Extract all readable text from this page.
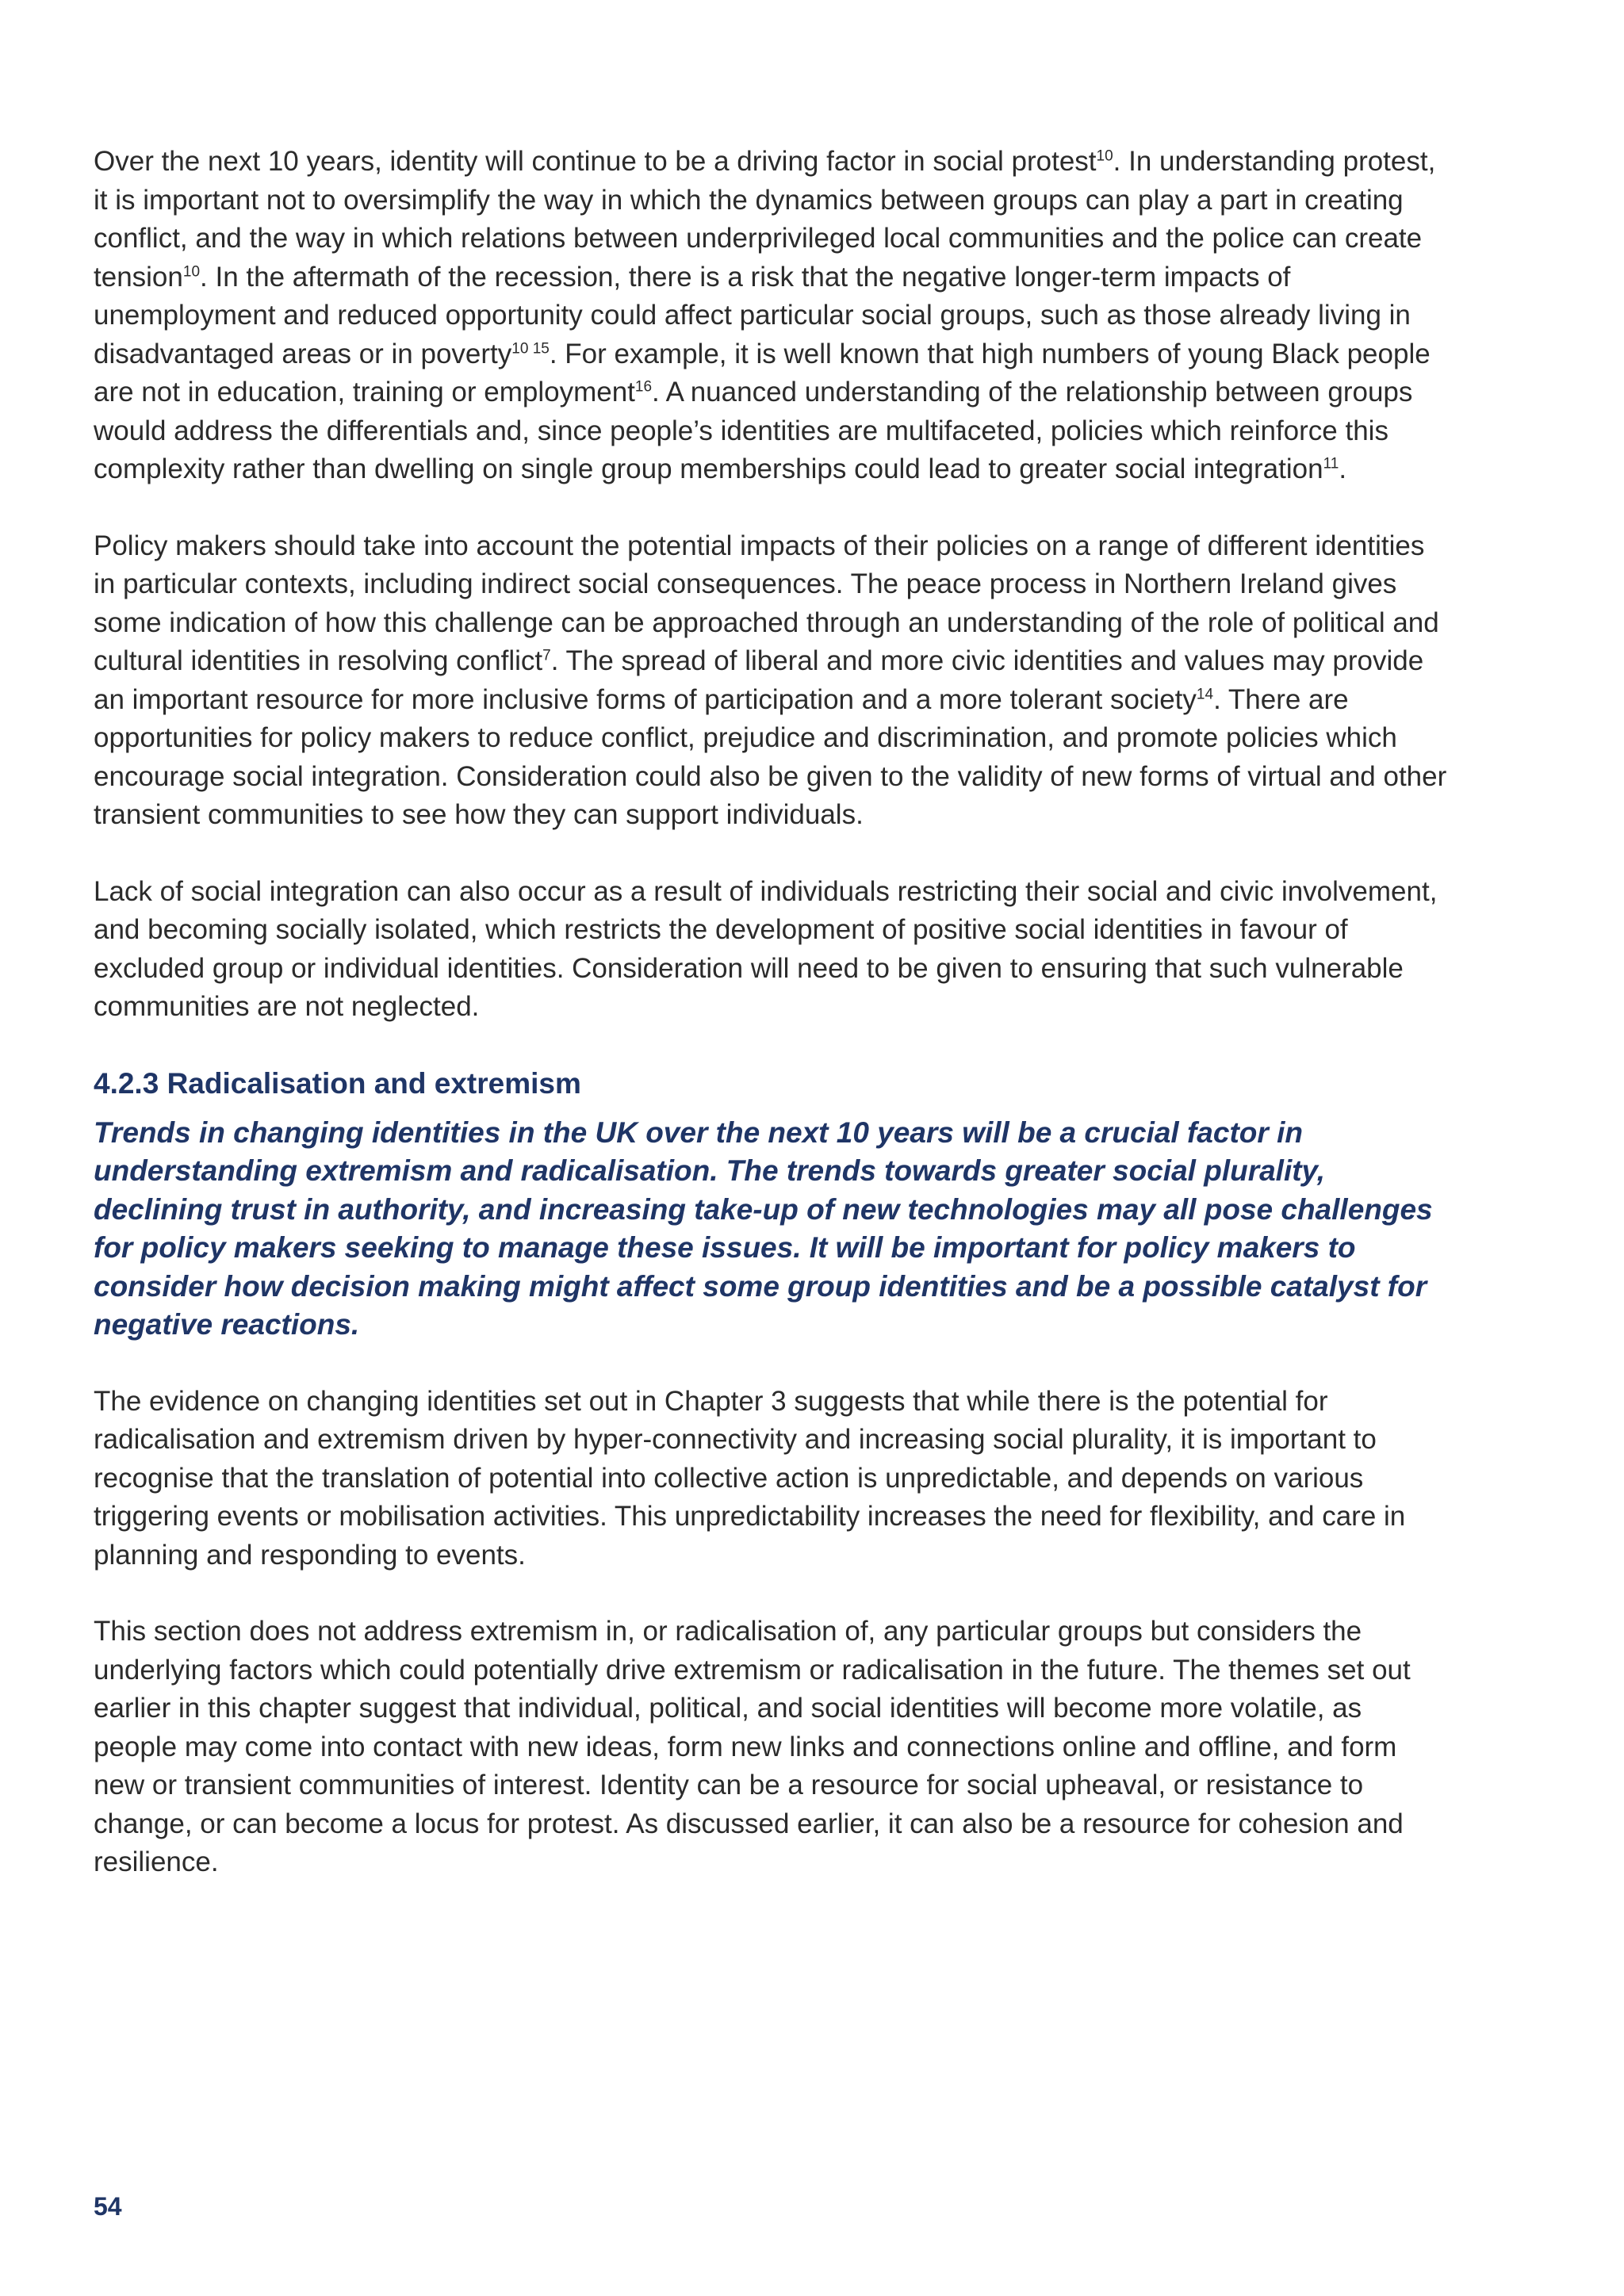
Over the next 10 years, identity will continue to be a driving factor in social protest$^{10}$. In understanding protest, it is important not to oversimplify the way in which the dynamics between groups can play a part in creating conflict, and the way in which relations between underprivileged local communities and the police can create tension$^{10}$. In the aftermath of the recession, there is a risk that the negative longer-term impacts of unemployment and reduced opportunity could affect particular social groups, such as those already living in disadvantaged areas or in poverty$^{10 15}$. For example, it is well known that high numbers of young Black people are not in education, training or employment$^{16}$. A nuanced understanding of the relationship between groups would address the differentials and, since people’s identities are multifaceted, policies which reinforce this complexity rather than dwelling on single group memberships could lead to greater social integration$^{11}$.

Policy makers should take into account the potential impacts of their policies on a range of different identities in particular contexts, including indirect social consequences. The peace process in Northern Ireland gives some indication of how this challenge can be approached through an understanding of the role of political and cultural identities in resolving conflict$^7$. The spread of liberal and more civic identities and values may provide an important resource for more inclusive forms of participation and a more tolerant society$^{14}$. There are opportunities for policy makers to reduce conflict, prejudice and discrimination, and promote policies which encourage social integration. Consideration could also be given to the validity of new forms of virtual and other transient communities to see how they can support individuals.

Lack of social integration can also occur as a result of individuals restricting their social and civic involvement, and becoming socially isolated, which restricts the development of positive social identities in favour of excluded group or individual identities. Consideration will need to be given to ensuring that such vulnerable communities are not neglected.

4.2.3 Radicalisation and extremism

Trends in changing identities in the UK over the next 10 years will be a crucial factor in understanding extremism and radicalisation. The trends towards greater social plurality, declining trust in authority, and increasing take-up of new technologies may all pose challenges for policy makers seeking to manage these issues. It will be important for policy makers to consider how decision making might affect some group identities and be a possible catalyst for negative reactions.

The evidence on changing identities set out in Chapter 3 suggests that while there is the potential for radicalisation and extremism driven by hyper-connectivity and increasing social plurality, it is important to recognise that the translation of potential into collective action is unpredictable, and depends on various triggering events or mobilisation activities. This unpredictability increases the need for flexibility, and care in planning and responding to events.

This section does not address extremism in, or radicalisation of, any particular groups but considers the underlying factors which could potentially drive extremism or radicalisation in the future. The themes set out earlier in this chapter suggest that individual, political, and social identities will become more volatile, as people may come into contact with new ideas, form new links and connections online and offline, and form new or transient communities of interest. Identity can be a resource for social upheaval, or resistance to change, or can become a locus for protest. As discussed earlier, it can also be a resource for cohesion and resilience.

54
